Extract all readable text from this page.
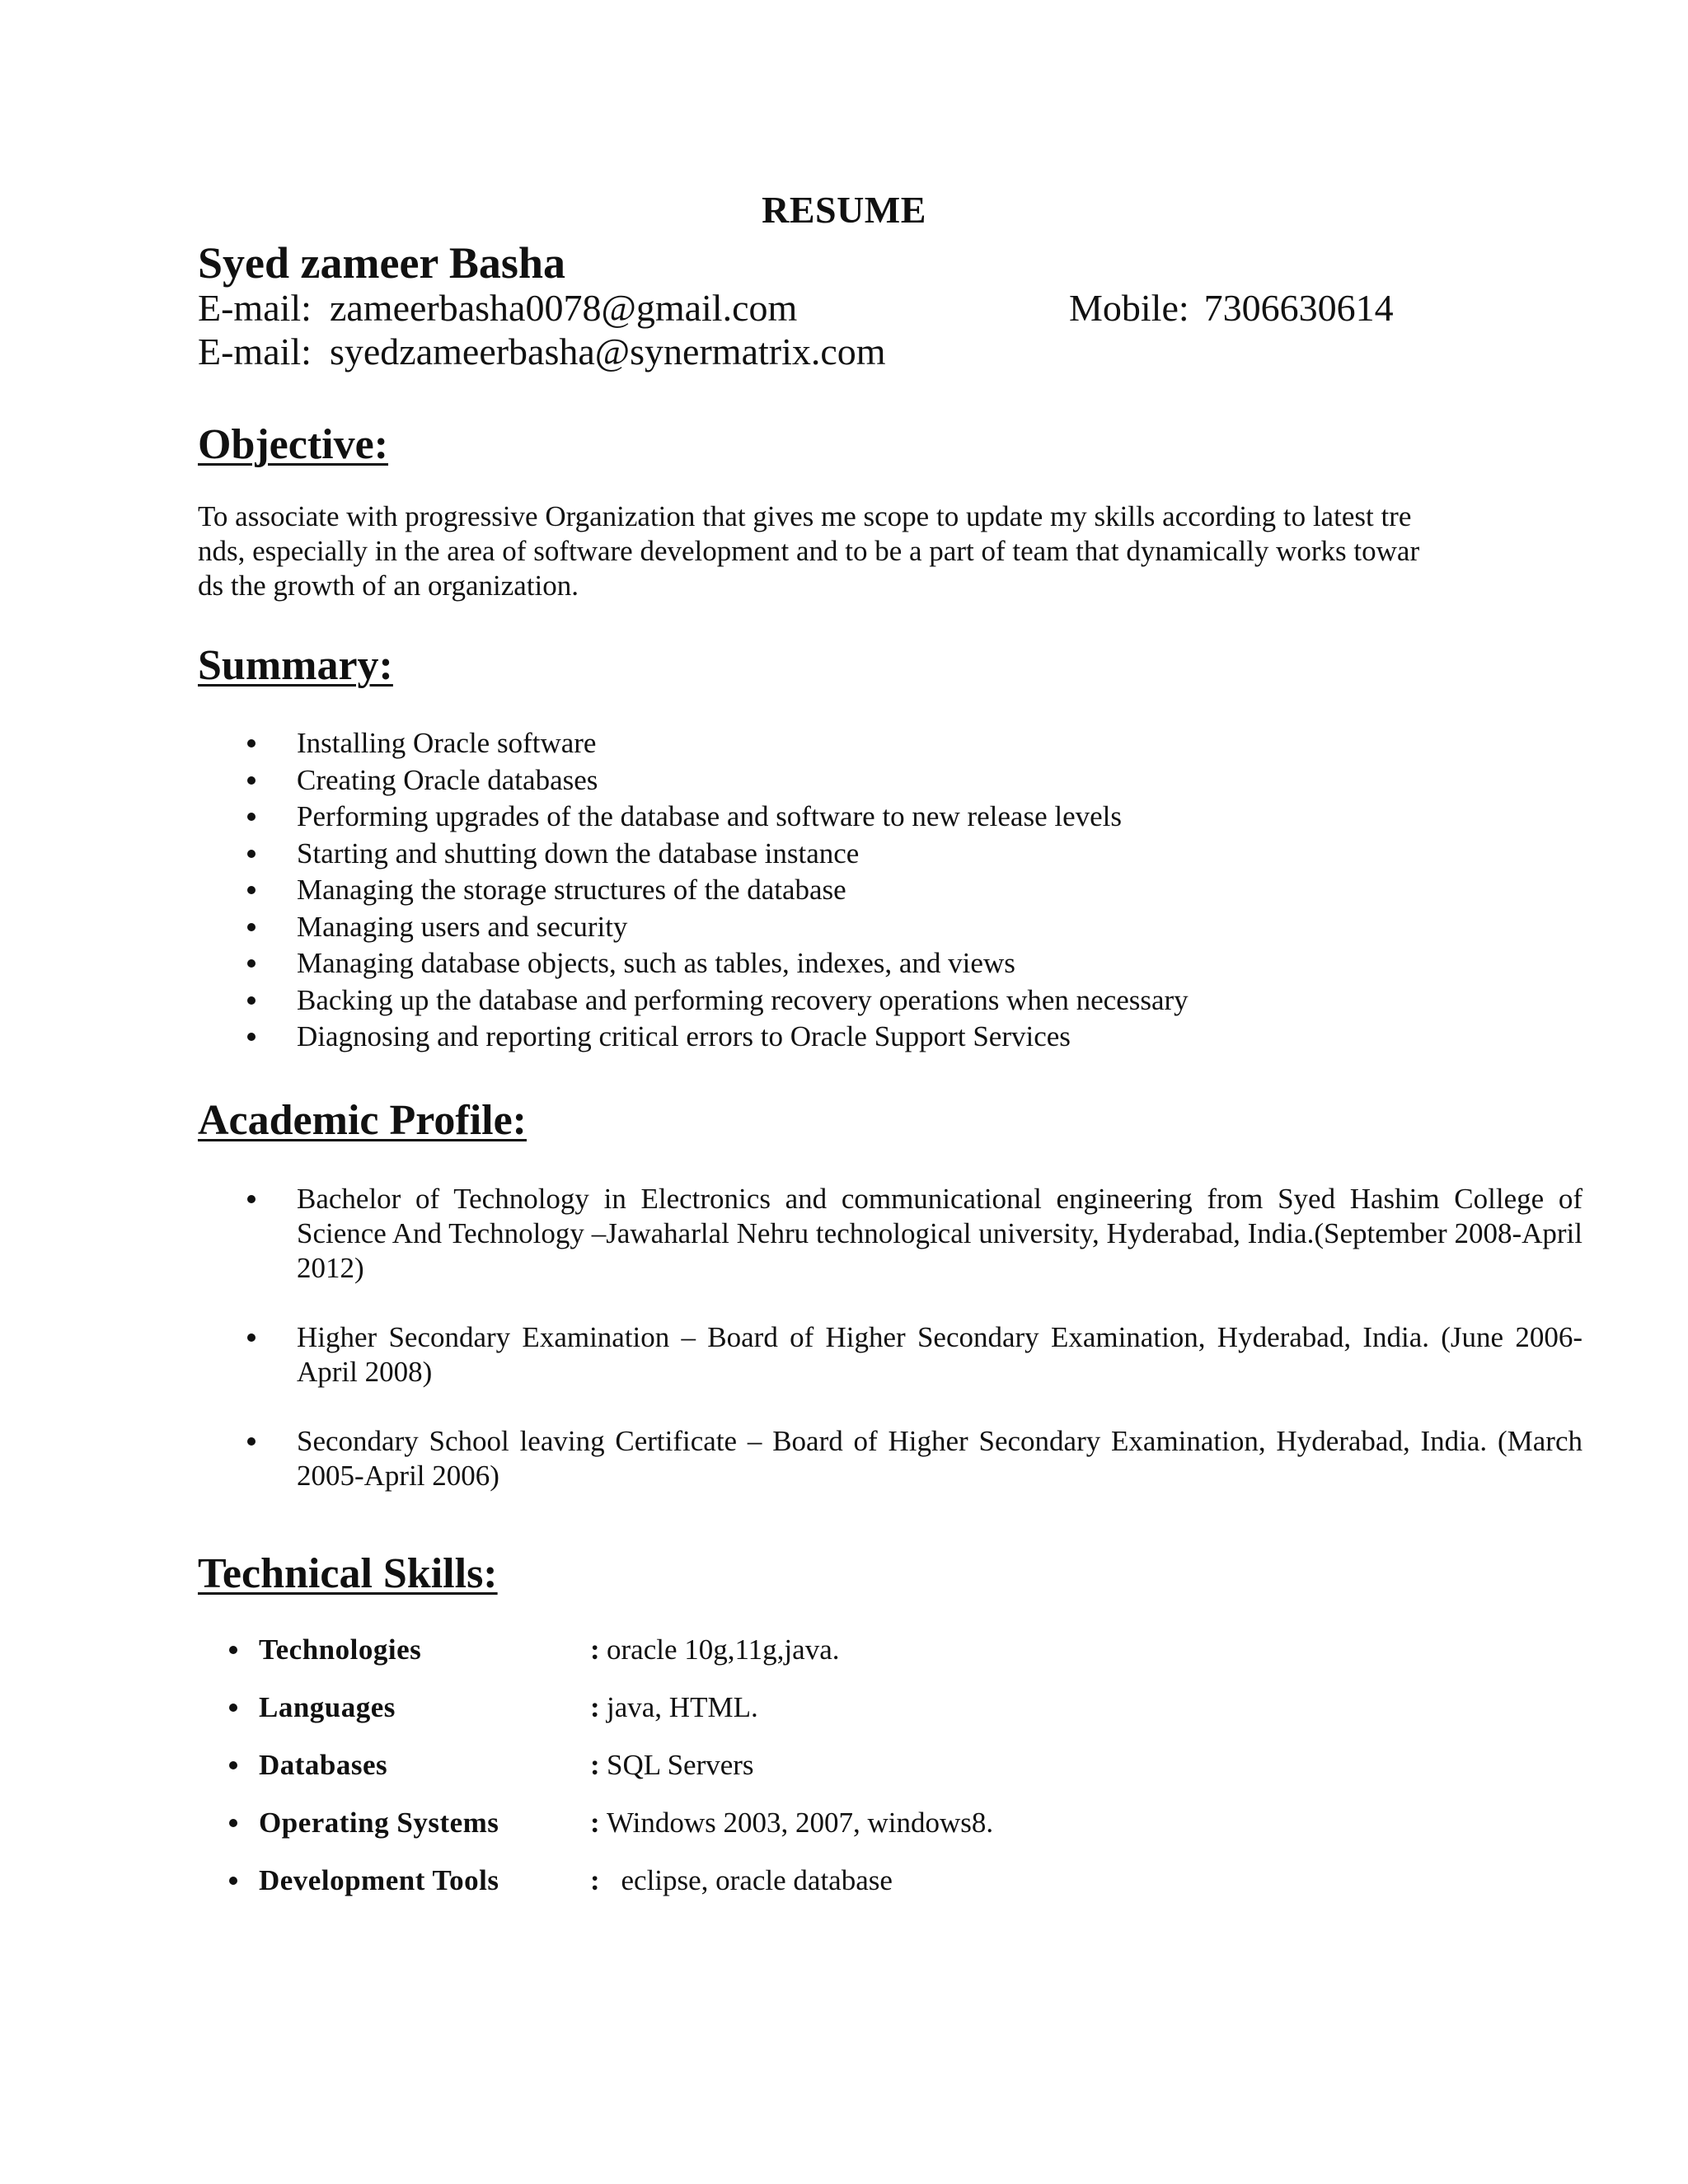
RESUME
Syed zameer Basha
E-mail: zameerbasha0078@gmail.com	Mobile: 7306630614
E-mail: syedzameerbasha@synermatrix.com
Objective:
To associate with progressive Organization that gives me scope to update my skills according to latest tre
nds, especially in the area of software development and to be a part of team that dynamically works towar
ds the growth of an organization.
Summary:
Installing Oracle software
Creating Oracle databases
Performing upgrades of the database and software to new release levels
Starting and shutting down the database instance
Managing the storage structures of the database
Managing users and security
Managing database objects, such as tables, indexes, and views
Backing up the database and performing recovery operations when necessary
Diagnosing and reporting critical errors to Oracle Support Services
Academic Profile:
Bachelor of Technology in Electronics and communicational engineering from Syed Hashim College of Science And Technology –Jawaharlal Nehru technological university, Hyderabad, India.(September 2008-April 2012)
Higher Secondary Examination – Board of Higher Secondary Examination, Hyderabad, India. (June 2006-April 2008)
Secondary School leaving Certificate – Board of Higher Secondary Examination, Hyderabad, India. (March 2005-April 2006)
Technical Skills:
Technologies	: oracle 10g,11g,java.
Languages	: java, HTML.
Databases	: SQL Servers
Operating Systems	: Windows 2003, 2007, windows8.
Development Tools	: eclipse, oracle database
